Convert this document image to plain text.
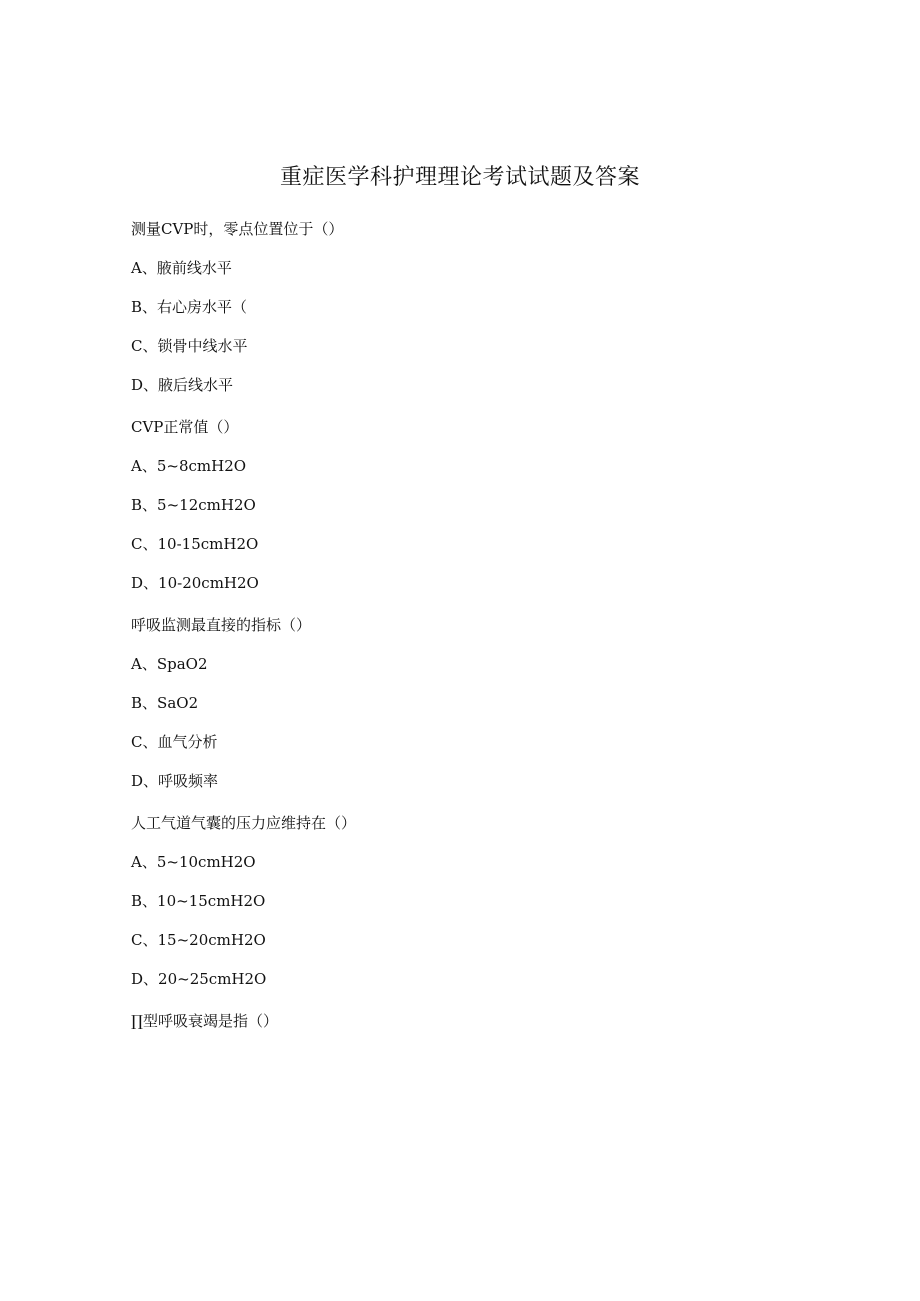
重症医学科护理理论考试试题及答案
测量CVP时，零点位置位于（）
A、腋前线水平
B、右心房水平（
C、锁骨中线水平
D、腋后线水平
CVP正常值（）
A、5~8cmH2O
B、5~12cmH2O
C、10-15cmH2O
D、10-20cmH2O
呼吸监测最直接的指标（）
A、SpaO2
B、SaO2
C、血气分析
D、呼吸频率
人工气道气囊的压力应维持在（）
A、5~10cmH2O
B、10~15cmH2O
C、15~20cmH2O
D、20~25cmH2O
∏型呼吸衰竭是指（）
